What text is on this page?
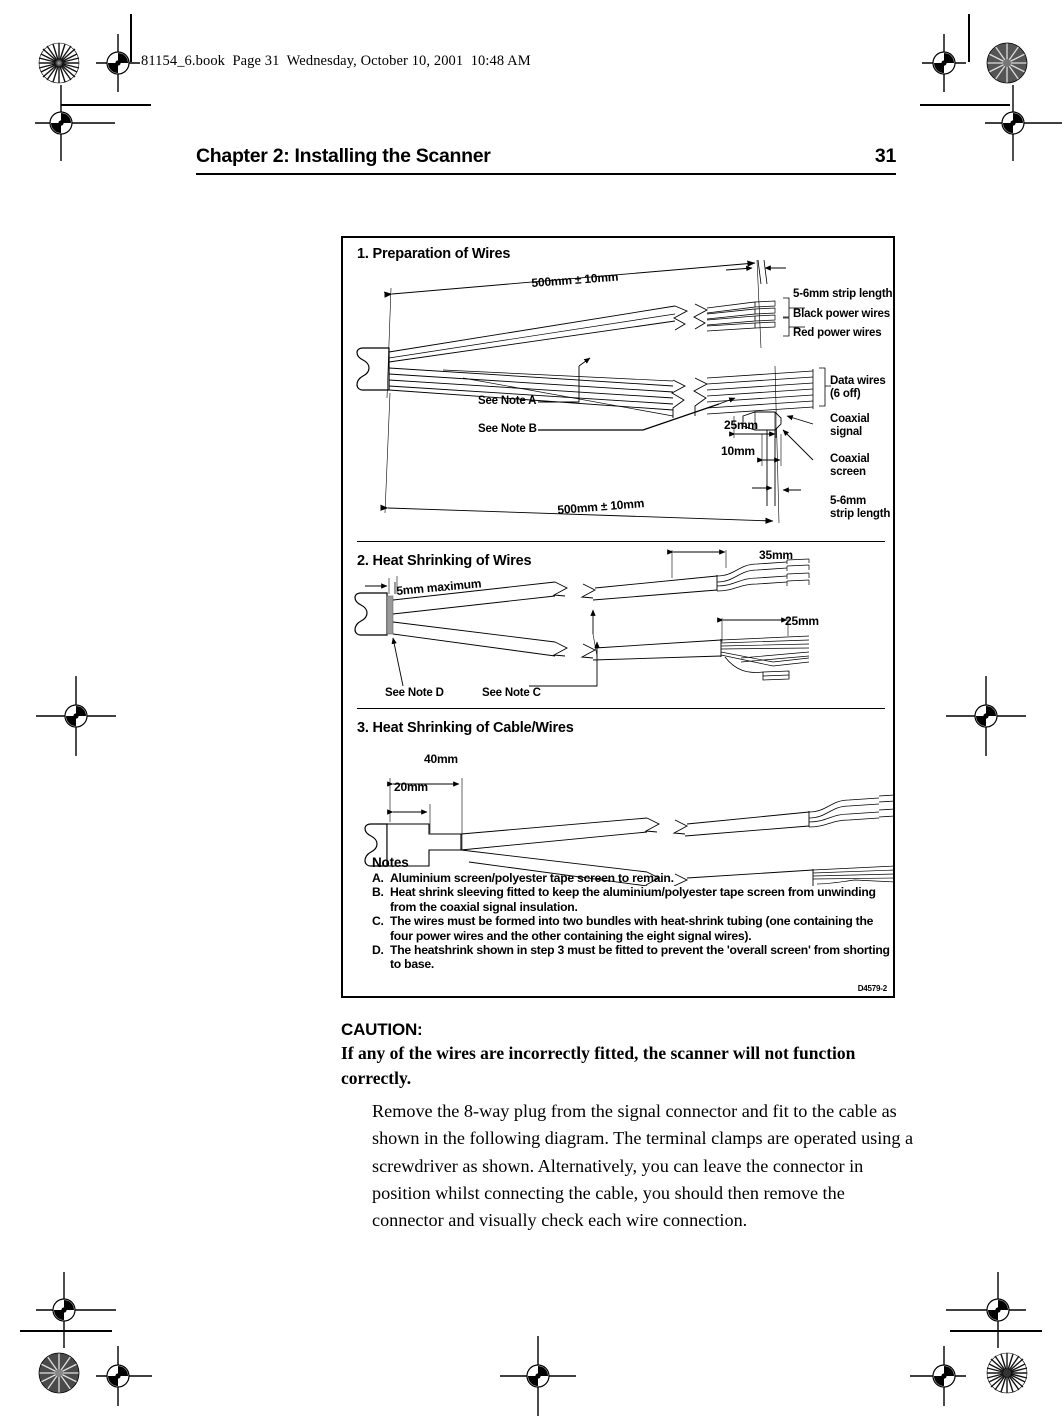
81154_6.book  Page 31  Wednesday, October 10, 2001  10:48 AM
Chapter 2: Installing the Scanner	31
1. Preparation of Wires
500mm ± 10mm
5-6mm strip length
Black power wires
Red power wires
Data wires
(6 off)
Coaxial
signal
Coaxial
screen
5-6mm
strip length
See Note A
See Note B	25mm
10mm
500mm ± 10mm
2. Heat Shrinking of Wires
5mm maximum
35mm
25mm
See Note D	See Note C
3. Heat Shrinking of Cable/Wires
40mm
20mm
D4579-2
Notes
A. Aluminium screen/polyester tape screen to remain.
B. Heat shrink sleeving fitted to keep the aluminium/polyester tape screen from unwinding from the coaxial signal insulation.
C. The wires must be formed into two bundles with heat-shrink tubing (one containing the four power wires and the other containing the eight signal wires).
D. The heatshrink shown in step 3 must be fitted to prevent the 'overall screen' from shorting to base.
CAUTION:
If any of the wires are incorrectly fitted, the scanner will not function correctly.
Remove the 8-way plug from the signal connector and fit to the cable as shown in the following diagram. The terminal clamps are operated using a screwdriver as shown. Alternatively, you can leave the connector in position whilst connecting the cable, you should then remove the connector and visually check each wire connection.
